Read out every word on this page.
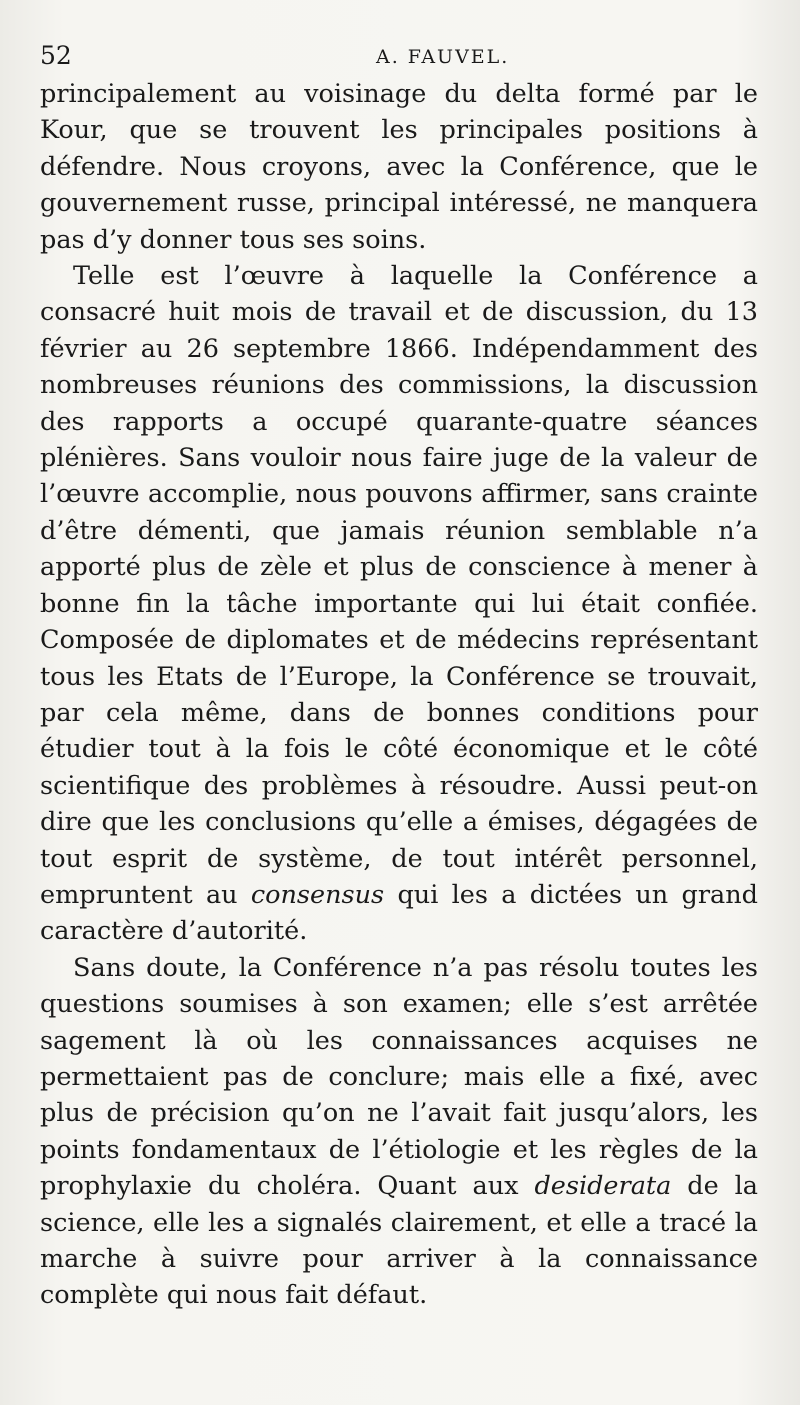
52	A. FAUVEL.

principalement au voisinage du delta formé par le Kour, que se trouvent les principales positions à défendre. Nous croyons, avec la Conférence, que le gouvernement russe, principal intéressé, ne manquera pas d’y donner tous ses soins.

Telle est l’œuvre à laquelle la Conférence a consacré huit mois de travail et de discussion, du 13 février au 26 septembre 1866. Indépendamment des nombreuses réunions des commissions, la discussion des rapports a occupé quarante-quatre séances plénières. Sans vouloir nous faire juge de la valeur de l’œuvre accomplie, nous pouvons affirmer, sans crainte d’être démenti, que jamais réunion semblable n’a apporté plus de zèle et plus de conscience à mener à bonne fin la tâche importante qui lui était confiée. Composée de diplomates et de médecins représentant tous les Etats de l’Europe, la Conférence se trouvait, par cela même, dans de bonnes conditions pour étudier tout à la fois le côté économique et le côté scientifique des problèmes à résoudre. Aussi peut-on dire que les conclusions qu’elle a émises, dégagées de tout esprit de système, de tout intérêt personnel, empruntent au consensus qui les a dictées un grand caractère d’autorité.

Sans doute, la Conférence n’a pas résolu toutes les questions soumises à son examen; elle s’est arrêtée sagement là où les connaissances acquises ne permettaient pas de conclure; mais elle a fixé, avec plus de précision qu’on ne l’avait fait jusqu’alors, les points fondamentaux de l’étiologie et les règles de la prophylaxie du choléra. Quant aux desiderata de la science, elle les a signalés clairement, et elle a tracé la marche à suivre pour arriver à la connaissance complète qui nous fait défaut.
